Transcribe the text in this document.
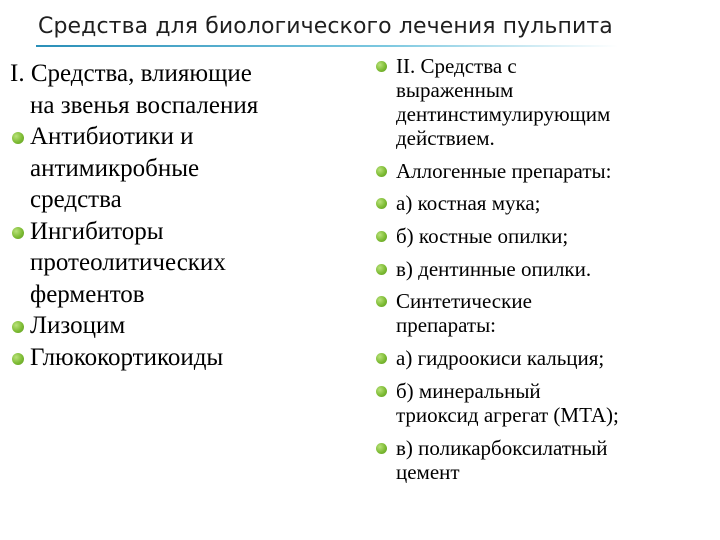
Средства для биологического лечения пульпита
I. Средства, влияющие
на звенья воспаления
Антибиотики и
антимикробные
средства
Ингибиторы
протеолитических
ферментов
Лизоцим
Глюкокортикоиды
II. Средства с
выраженным
дентинстимулирующим
действием.
Аллогенные препараты:
а) костная мука;
б) костные опилки;
в) дентинные опилки.
Синтетические
препараты:
а) гидроокиси кальция;
б) минеральный
триоксид агрегат (МТА);
в) поликарбоксилатный
цемент
